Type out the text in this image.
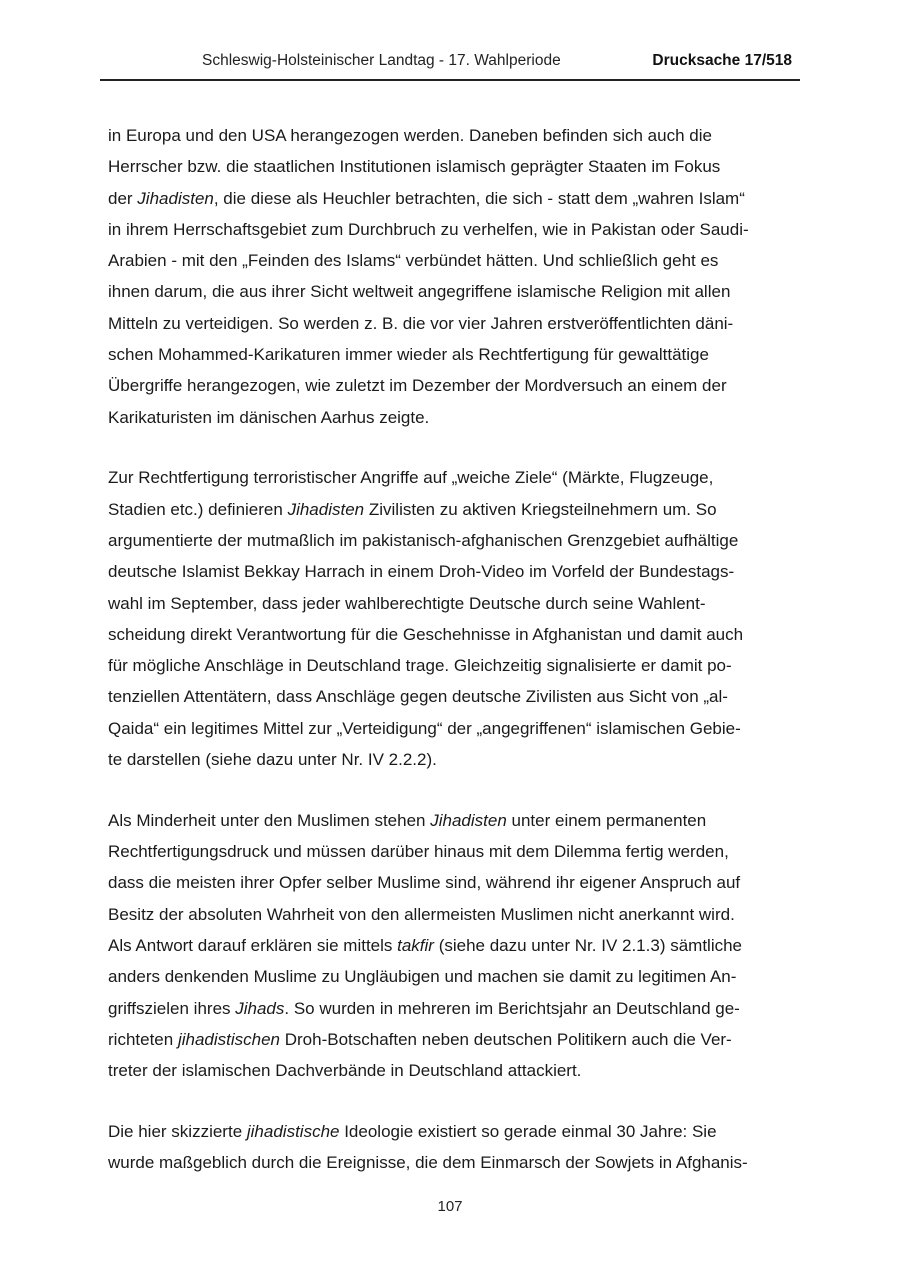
Schleswig-Holsteinischer Landtag - 17. Wahlperiode	Drucksache 17/518
in Europa und den USA herangezogen werden. Daneben befinden sich auch die
Herrscher bzw. die staatlichen Institutionen islamisch geprägter Staaten im Fokus
der Jihadisten, die diese als Heuchler betrachten, die sich - statt dem „wahren Islam“
in ihrem Herrschaftsgebiet zum Durchbruch zu verhelfen, wie in Pakistan oder Saudi-
Arabien - mit den „Feinden des Islams“ verbündet hätten. Und schließlich geht es
ihnen darum, die aus ihrer Sicht weltweit angegriffene islamische Religion mit allen
Mitteln zu verteidigen. So werden z. B. die vor vier Jahren erstveröffentlichten däni-
schen Mohammed-Karikaturen immer wieder als Rechtfertigung für gewalttätige
Übergriffe herangezogen, wie zuletzt im Dezember der Mordversuch an einem der
Karikaturisten im dänischen Aarhus zeigte.
Zur Rechtfertigung terroristischer Angriffe auf „weiche Ziele“ (Märkte, Flugzeuge,
Stadien etc.) definieren Jihadisten Zivilisten zu aktiven Kriegsteilnehmern um. So
argumentierte der mutmaßlich im pakistanisch-afghanischen Grenzgebiet aufhältige
deutsche Islamist Bekkay Harrach in einem Droh-Video im Vorfeld der Bundestags-
wahl im September, dass jeder wahlberechtigte Deutsche durch seine Wahlent-
scheidung direkt Verantwortung für die Geschehnisse in Afghanistan und damit auch
für mögliche Anschläge in Deutschland trage. Gleichzeitig signalisierte er damit po-
tenziellen Attentätern, dass Anschläge gegen deutsche Zivilisten aus Sicht von „al-
Qaida“ ein legitimes Mittel zur „Verteidigung“ der „angegriffenen“ islamischen Gebie-
te darstellen (siehe dazu unter Nr. IV 2.2.2).
Als Minderheit unter den Muslimen stehen Jihadisten unter einem permanenten
Rechtfertigungsdruck und müssen darüber hinaus mit dem Dilemma fertig werden,
dass die meisten ihrer Opfer selber Muslime sind, während ihr eigener Anspruch auf
Besitz der absoluten Wahrheit von den allermeisten Muslimen nicht anerkannt wird.
Als Antwort darauf erklären sie mittels takfir (siehe dazu unter Nr. IV 2.1.3) sämtliche
anders denkenden Muslime zu Ungläubigen und machen sie damit zu legitimen An-
griffszielen ihres Jihads. So wurden in mehreren im Berichtsjahr an Deutschland ge-
richteten jihadistischen Droh-Botschaften neben deutschen Politikern auch die Ver-
treter der islamischen Dachverbände in Deutschland attackiert.
Die hier skizzierte jihadistische Ideologie existiert so gerade einmal 30 Jahre: Sie
wurde maßgeblich durch die Ereignisse, die dem Einmarsch der Sowjets in Afghanis-
107
